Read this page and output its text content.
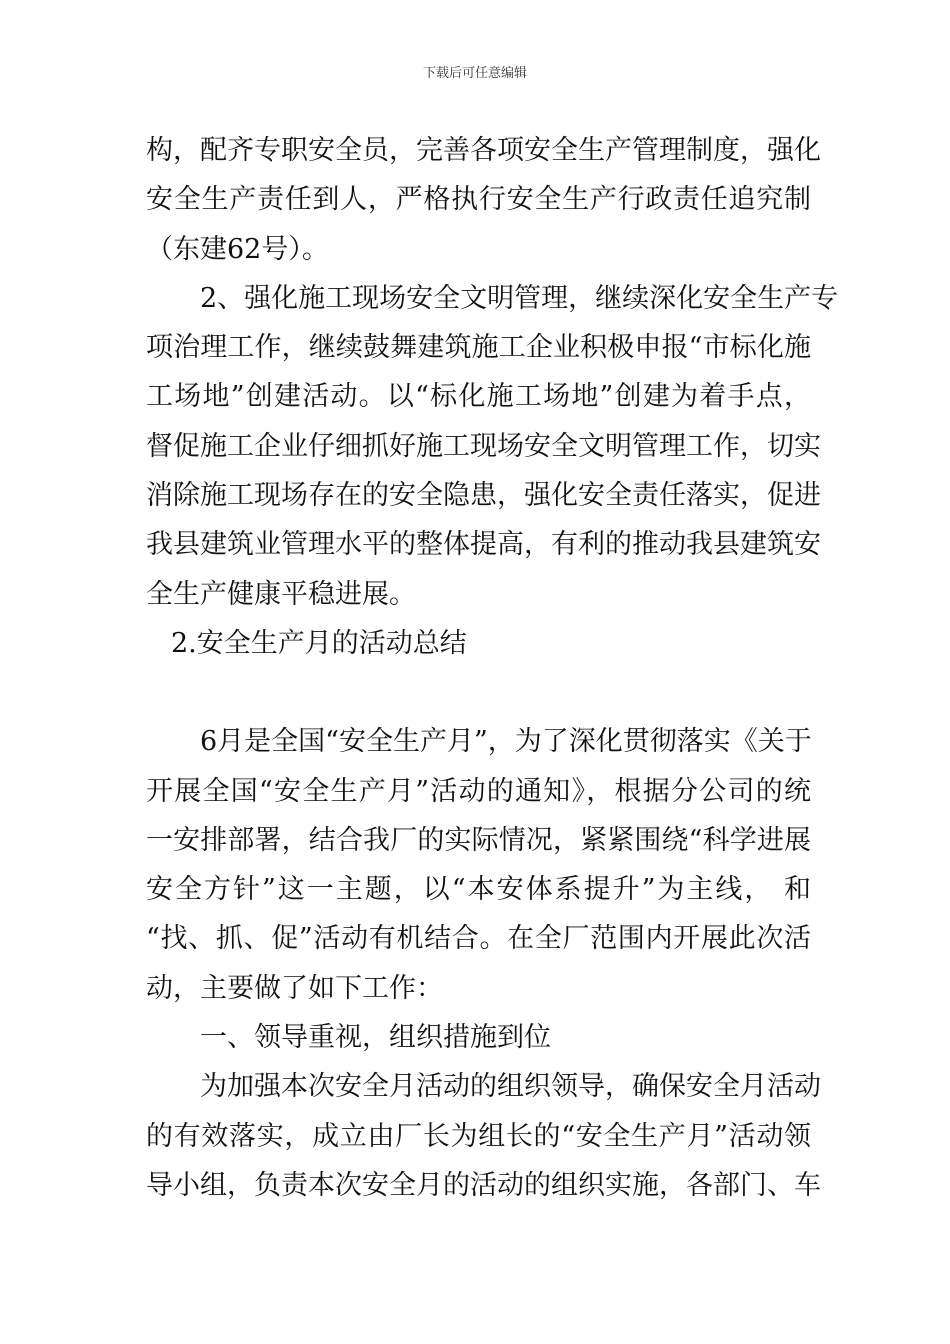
下载后可任意编辑
构，配齐专职安全员，完善各项安全生产管理制度，强化
安全生产责任到人，严格执行安全生产行政责任追究制
（东建62号）。
2、强化施工现场安全文明管理，继续深化安全生产专
项治理工作，继续鼓舞建筑施工企业积极申报“市标化施
工场地”创建活动。以“标化施工场地”创建为着手点，
督促施工企业仔细抓好施工现场安全文明管理工作，切实
消除施工现场存在的安全隐患，强化安全责任落实，促进
我县建筑业管理水平的整体提高，有利的推动我县建筑安
全生产健康平稳进展。
2.安全生产月的活动总结
6月是全国“安全生产月”，为了深化贯彻落实《关于
开展全国“安全生产月”活动的通知》，根据分公司的统
一安排部署，结合我厂的实际情况，紧紧围绕“科学进展
安全方针”这一主题，以“本安体系提升”为主线， 和
“找、抓、促”活动有机结合。在全厂范围内开展此次活
动，主要做了如下工作：
一、领导重视，组织措施到位
为加强本次安全月活动的组织领导，确保安全月活动
的有效落实，成立由厂长为组长的“安全生产月”活动领
导小组，负责本次安全月的活动的组织实施，各部门、车
